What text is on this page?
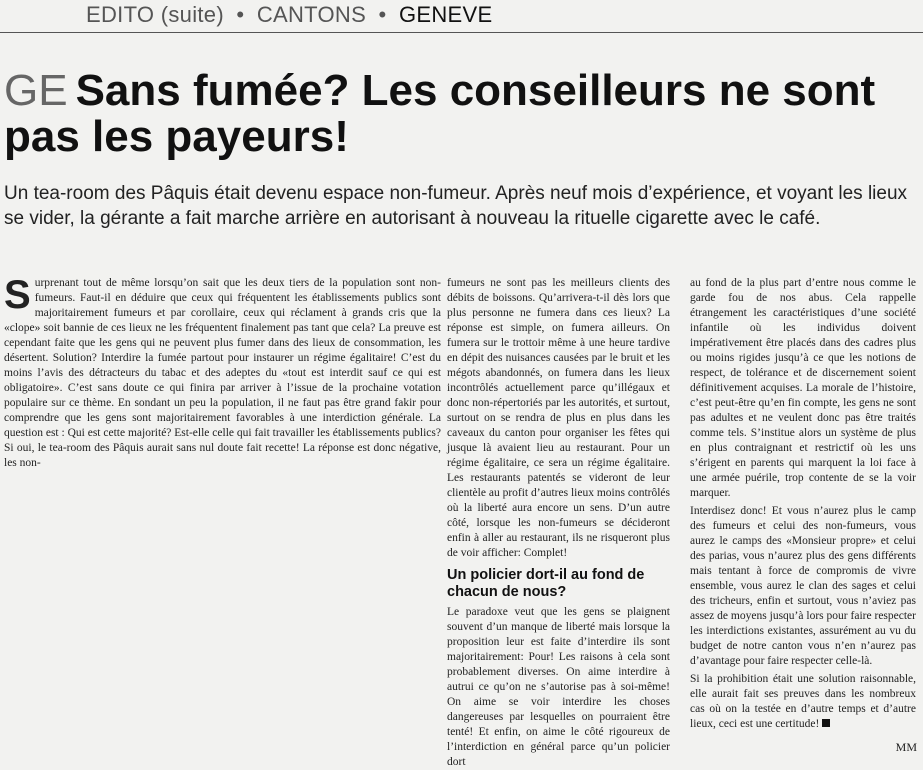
EDITO (suite) • CANTONS • GENEVE
GE Sans fumée? Les conseilleurs ne sont pas les payeurs!
Un tea-room des Pâquis était devenu espace non-fumeur. Après neuf mois d’expérience, et voyant les lieux se vider, la gérante a fait marche arrière en autorisant à nouveau la rituelle cigarette avec le café.

Surprenant tout de même lorsqu’on sait que les deux tiers de la population sont non-fumeurs. Faut-il en déduire que ceux qui fréquentent les établissements publics sont majoritairement fumeurs et par corollaire, ceux qui réclament à grands cris que la «clope» soit bannie de ces lieux ne les fréquentent finalement pas tant que cela? La preuve est cependant faite que les gens qui ne peuvent plus fumer dans des lieux de consommation, les désertent. Solution? Interdire la fumée partout pour instaurer un régime égalitaire! C’est du moins l’avis des détracteurs du tabac et des adeptes du «tout est interdit sauf ce qui est obligatoire». C’est sans doute ce qui finira par arriver à l’issue de la prochaine votation populaire sur ce thème. En sondant un peu la population, il ne faut pas être grand fakir pour comprendre que les gens sont majoritairement favorables à une interdiction générale. La question est : Qui est cette majorité? Est-elle celle qui fait travailler les établissements publics? Si oui, le tea-room des Pâquis aurait sans nul doute fait recette! La réponse est donc négative, les non-

fumeurs ne sont pas les meilleurs clients des débits de boissons. Qu’arrivera-t-il dès lors que plus personne ne fumera dans ces lieux? La réponse est simple, on fumera ailleurs. On fumera sur le trottoir même à une heure tardive en dépit des nuisances causées par le bruit et les mégots abandonnés, on fumera dans les lieux incontrôlés actuellement parce qu’illégaux et donc non-répertoriés par les autorités, et surtout, surtout on se rendra de plus en plus dans les caveaux du canton pour organiser les fêtes qui jusque là avaient lieu au restaurant. Pour un régime égalitaire, ce sera un régime égalitaire. Les restaurants patentés se videront de leur clientèle au profit d’autres lieux moins contrôlés où la liberté aura encore un sens. D’un autre côté, lorsque les non-fumeurs se décideront enfin à aller au restaurant, ils ne risqueront plus de voir afficher: Complet!

Un policier dort-il au fond de chacun de nous?

Le paradoxe veut que les gens se plaignent souvent d’un manque de liberté mais lorsque la proposition leur est faite d’interdire ils sont majoritairement: Pour! Les raisons à cela sont probablement diverses. On aime interdire à autrui ce qu’on ne s’autorise pas à soi-même! On aime se voir interdire les choses dangereuses par lesquelles on pourraient être tenté! Et enfin, on aime le côté rigoureux de l’interdiction en général parce qu’un policier dort

au fond de la plus part d’entre nous comme le garde fou de nos abus. Cela rappelle étrangement les caractéristiques d’une société infantile où les individus doivent impérativement être placés dans des cadres plus ou moins rigides jusqu’à ce que les notions de respect, de tolérance et de discernement soient définitivement acquises. La morale de l’histoire, c’est peut-être qu’en fin compte, les gens ne sont pas adultes et ne veulent donc pas être traités comme tels. S’institue alors un système de plus en plus contraignant et restrictif où les uns s’érigent en parents qui marquent la loi face à une armée puérile, trop contente de se la voir marquer.

Interdisez donc! Et vous n’aurez plus le camp des fumeurs et celui des non-fumeurs, vous aurez le camps des «Monsieur propre» et celui des parias, vous n’aurez plus des gens différents mais tentant à force de compromis de vivre ensemble, vous aurez le clan des sages et celui des tricheurs, enfin et surtout, vous n’aviez pas assez de moyens jusqu’à lors pour faire respecter les interdictions existantes, assurément au vu du budget de notre canton vous n’en n’aurez pas d’avantage pour faire respecter celle-là.

Si la prohibition était une solution raisonnable, elle aurait fait ses preuves dans les nombreux cas où on la testée en d’autre temps et d’autre lieux, ceci est une certitude!

MM
